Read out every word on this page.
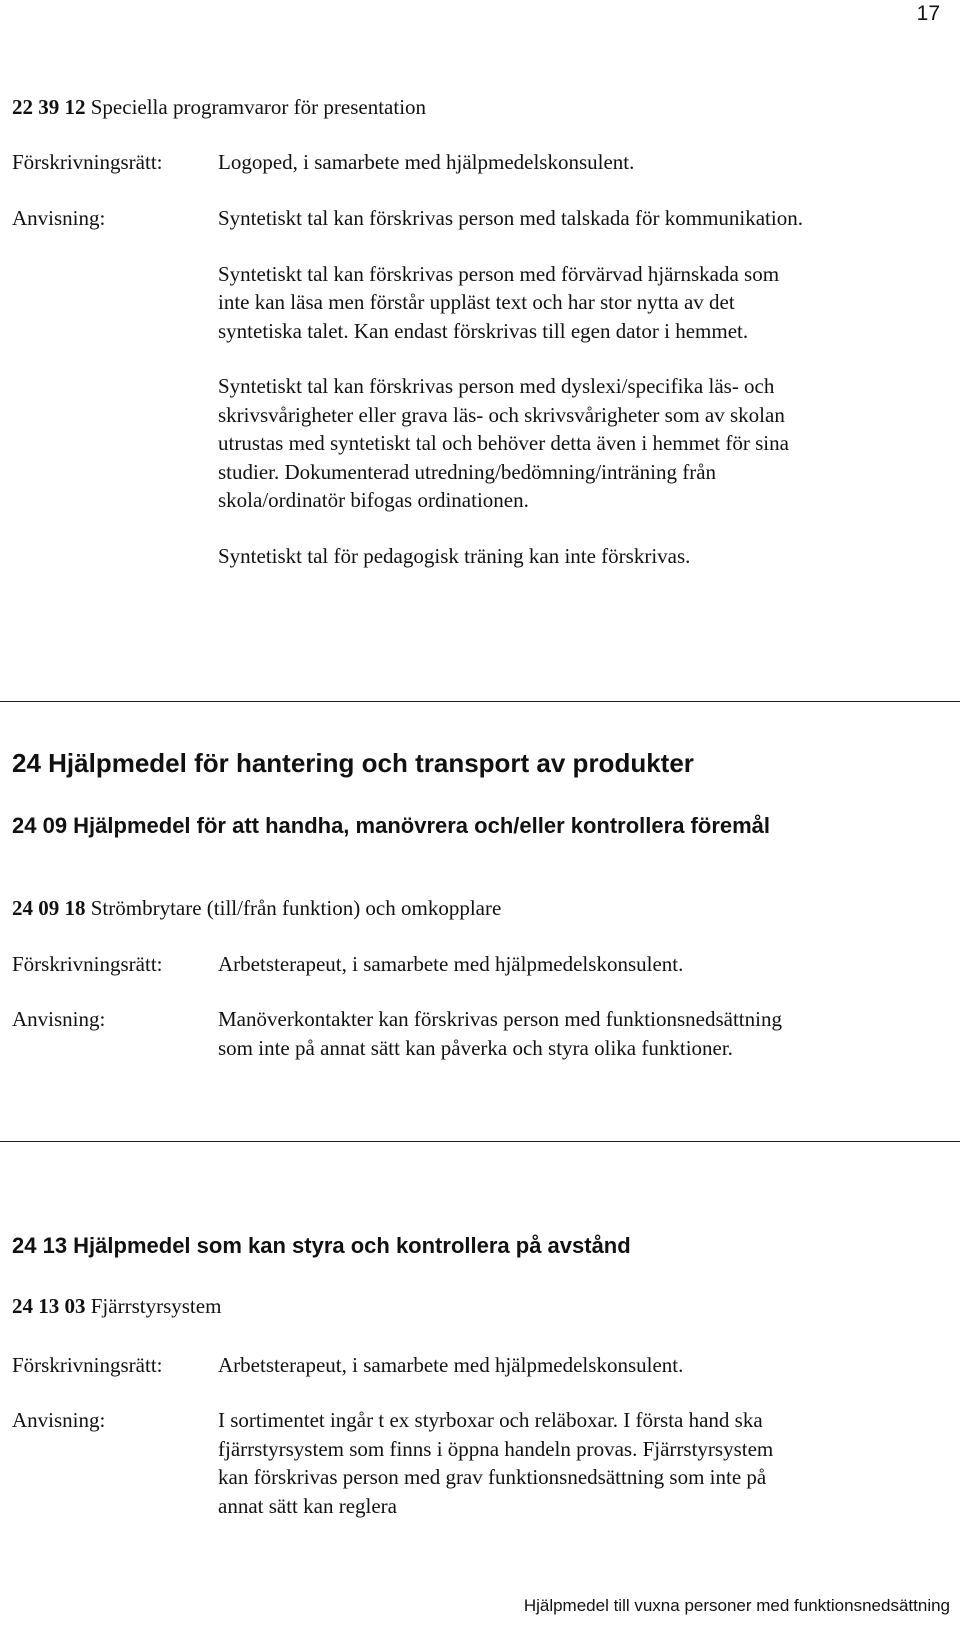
17
22 39 12 Speciella programvaror för presentation
Förskrivningsrätt:	Logoped, i samarbete med hjälpmedelskonsulent.
Anvisning:	Syntetiskt tal kan förskrivas person med talskada för kommunikation.

Syntetiskt tal kan förskrivas person med förvärvad hjärnskada som inte kan läsa men förstår uppläst text och har stor nytta av det syntetiska talet. Kan endast förskrivas till egen dator i hemmet.

Syntetiskt tal kan förskrivas person med dyslexi/specifika läs- och skrivsvårigheter eller grava läs- och skrivsvårigheter som av skolan utrustas med syntetiskt tal och behöver detta även i hemmet för sina studier. Dokumenterad utredning/bedömning/inträning från skola/ordinatör bifogas ordinationen.

Syntetiskt tal för pedagogisk träning kan inte förskrivas.

24 Hjälpmedel för hantering och transport av produkter
24 09 Hjälpmedel för att handha, manövrera och/eller kontrollera föremål
24 09 18 Strömbrytare (till/från funktion) och omkopplare
Förskrivningsrätt:	Arbetsterapeut, i samarbete med hjälpmedelskonsulent.
Anvisning:	Manöverkontakter kan förskrivas person med funktionsnedsättning som inte på annat sätt kan påverka och styra olika funktioner.
24 13 Hjälpmedel som kan styra och kontrollera på avstånd
24 13 03 Fjärrstyrsystem
Förskrivningsrätt:	Arbetsterapeut, i samarbete med hjälpmedelskonsulent.
Anvisning:	I sortimentet ingår t ex styrboxar och reläboxar. I första hand ska fjärrstyrsystem som finns i öppna handeln provas. Fjärrstyrsystem kan förskrivas person med grav funktionsnedsättning som inte på annat sätt kan reglera
Hjälpmedel till vuxna personer med funktionsnedsättning
